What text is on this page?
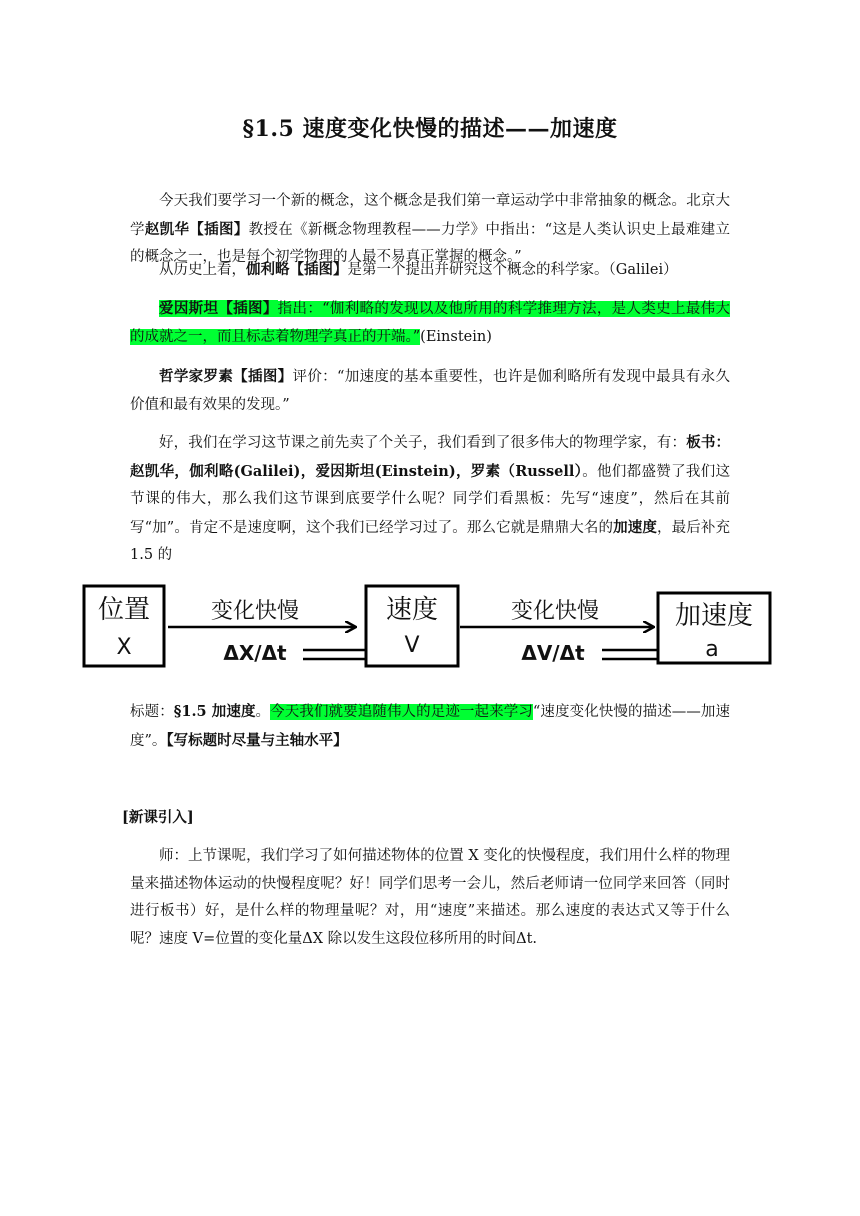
§1.5 速度变化快慢的描述——加速度
今天我们要学习一个新的概念，这个概念是我们第一章运动学中非常抽象的概念。北京大学赵凯华【插图】教授在《新概念物理教程——力学》中指出：“这是人类认识史上最难建立的概念之一，也是每个初学物理的人最不易真正掌握的概念。”
从历史上看，伽利略【插图】是第一个提出并研究这个概念的科学家。（Galilei）
爱因斯坦【插图】指出：“伽利略的发现以及他所用的科学推理方法，是人类史上最伟大的成就之一，而且标志着物理学真正的开端。”(Einstein)
哲学家罗素【插图】评价：“加速度的基本重要性，也许是伽利略所有发现中最具有永久价值和最有效果的发现。”
好，我们在学习这节课之前先卖了个关子，我们看到了很多伟大的物理学家，有：板书：赵凯华，伽利略(Galilei)，爱因斯坦(Einstein)，罗素（Russell）。他们都盛赞了我们这节课的伟大，那么我们这节课到底要学什么呢？同学们看黑板：先写“速度”，然后在其前写“加”。肯定不是速度啊，这个我们已经学习过了。那么它就是鼎鼎大名的加速度，最后补充 1.5 的
位置
X
变化快慢
ΔX/Δt
速度
V
变化快慢
ΔV/Δt
加速度
a
标题：§1.5 加速度。今天我们就要追随伟人的足迹一起来学习“速度变化快慢的描述——加速度”。【写标题时尽量与主轴水平】
[新课引入]
师：上节课呢，我们学习了如何描述物体的位置 X 变化的快慢程度，我们用什么样的物理量来描述物体运动的快慢程度呢？好！同学们思考一会儿，然后老师请一位同学来回答（同时进行板书）好，是什么样的物理量呢？对，用“速度”来描述。那么速度的表达式又等于什么呢？速度 V=位置的变化量ΔX 除以发生这段位移所用的时间Δt.
